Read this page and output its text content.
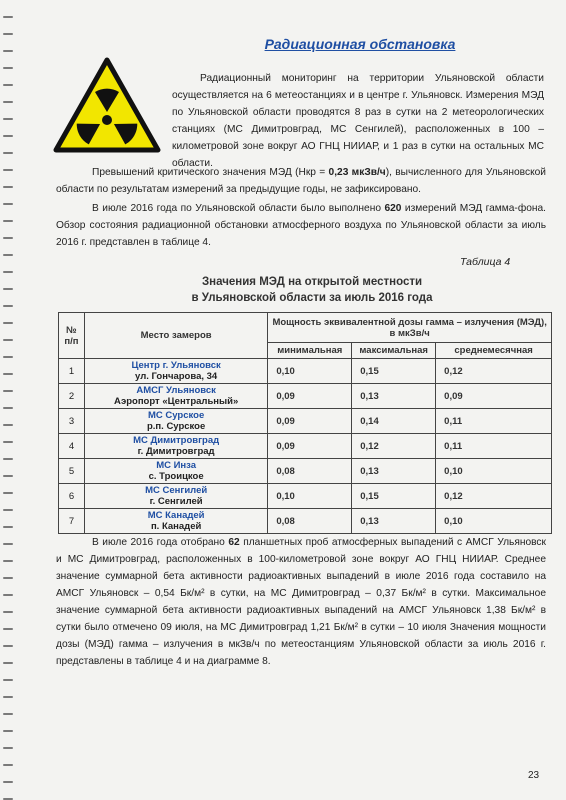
Радиационная обстановка
Радиационный мониторинг на территории Ульяновской области осуществляется на 6 метеостанциях и в центре г. Ульяновск. Измерения МЭД по Ульяновской области проводятся 8 раз в сутки на 2 метеорологических станциях (МС Димитровград, МС Сенгилей), расположенных в 100 – километровой зоне вокруг АО ГНЦ НИИАР, и 1 раз в сутки на остальных МС области.
Превышений критического значения МЭД (Нкр = 0,23 мкЗв/ч), вычисленного для Ульяновской области по результатам измерений за предыдущие годы, не зафиксировано.
В июле 2016 года по Ульяновской области было выполнено 620 измерений МЭД гамма-фона. Обзор состояния радиационной обстановки атмосферного воздуха по Ульяновской области за июль 2016 г. представлен в таблице 4.
Таблица 4
Значения МЭД на открытой местности
в Ульяновской области за июль 2016 года
№ п/п	Место замеров	Мощность эквивалентной дозы гамма – излучения (МЭД), в мкЗв/ч		
		минимальная	максимальная	среднемесячная
1	Центр г. Ульяновск
ул. Гончарова, 34	0,10	0,15	0,12
2	АМСГ Ульяновск
Аэропорт «Центральный»	0,09	0,13	0,09
3	МС Сурское
р.п. Сурское	0,09	0,14	0,11
4	МС Димитровград
г. Димитровград	0,09	0,12	0,11
5	МС Инза
с. Троицкое	0,08	0,13	0,10
6	МС Сенгилей
г. Сенгилей	0,10	0,15	0,12
7	МС Канадей
п. Канадей	0,08	0,13	0,10
В июле 2016 года отобрано 62 планшетных проб атмосферных выпадений с АМСГ Ульяновск и МС Димитровград, расположенных в 100-километровой зоне вокруг АО ГНЦ НИИАР. Среднее значение суммарной бета активности радиоактивных выпадений в июле 2016 года составило на АМСГ Ульяновск – 0,54 Бк/м² в сутки, на МС Димитровград – 0,37 Бк/м² в сутки. Максимальное значение суммарной бета активности радиоактивных выпадений на АМСГ Ульяновск 1,38 Бк/м² в сутки было отмечено 09 июля, на МС Димитровград 1,21 Бк/м² в сутки – 10 июля Значения мощности дозы (МЭД) гамма – излучения в мкЗв/ч по метеостанциям Ульяновской области за июль 2016 г. представлены в таблице 4 и на диаграмме 8.
23
